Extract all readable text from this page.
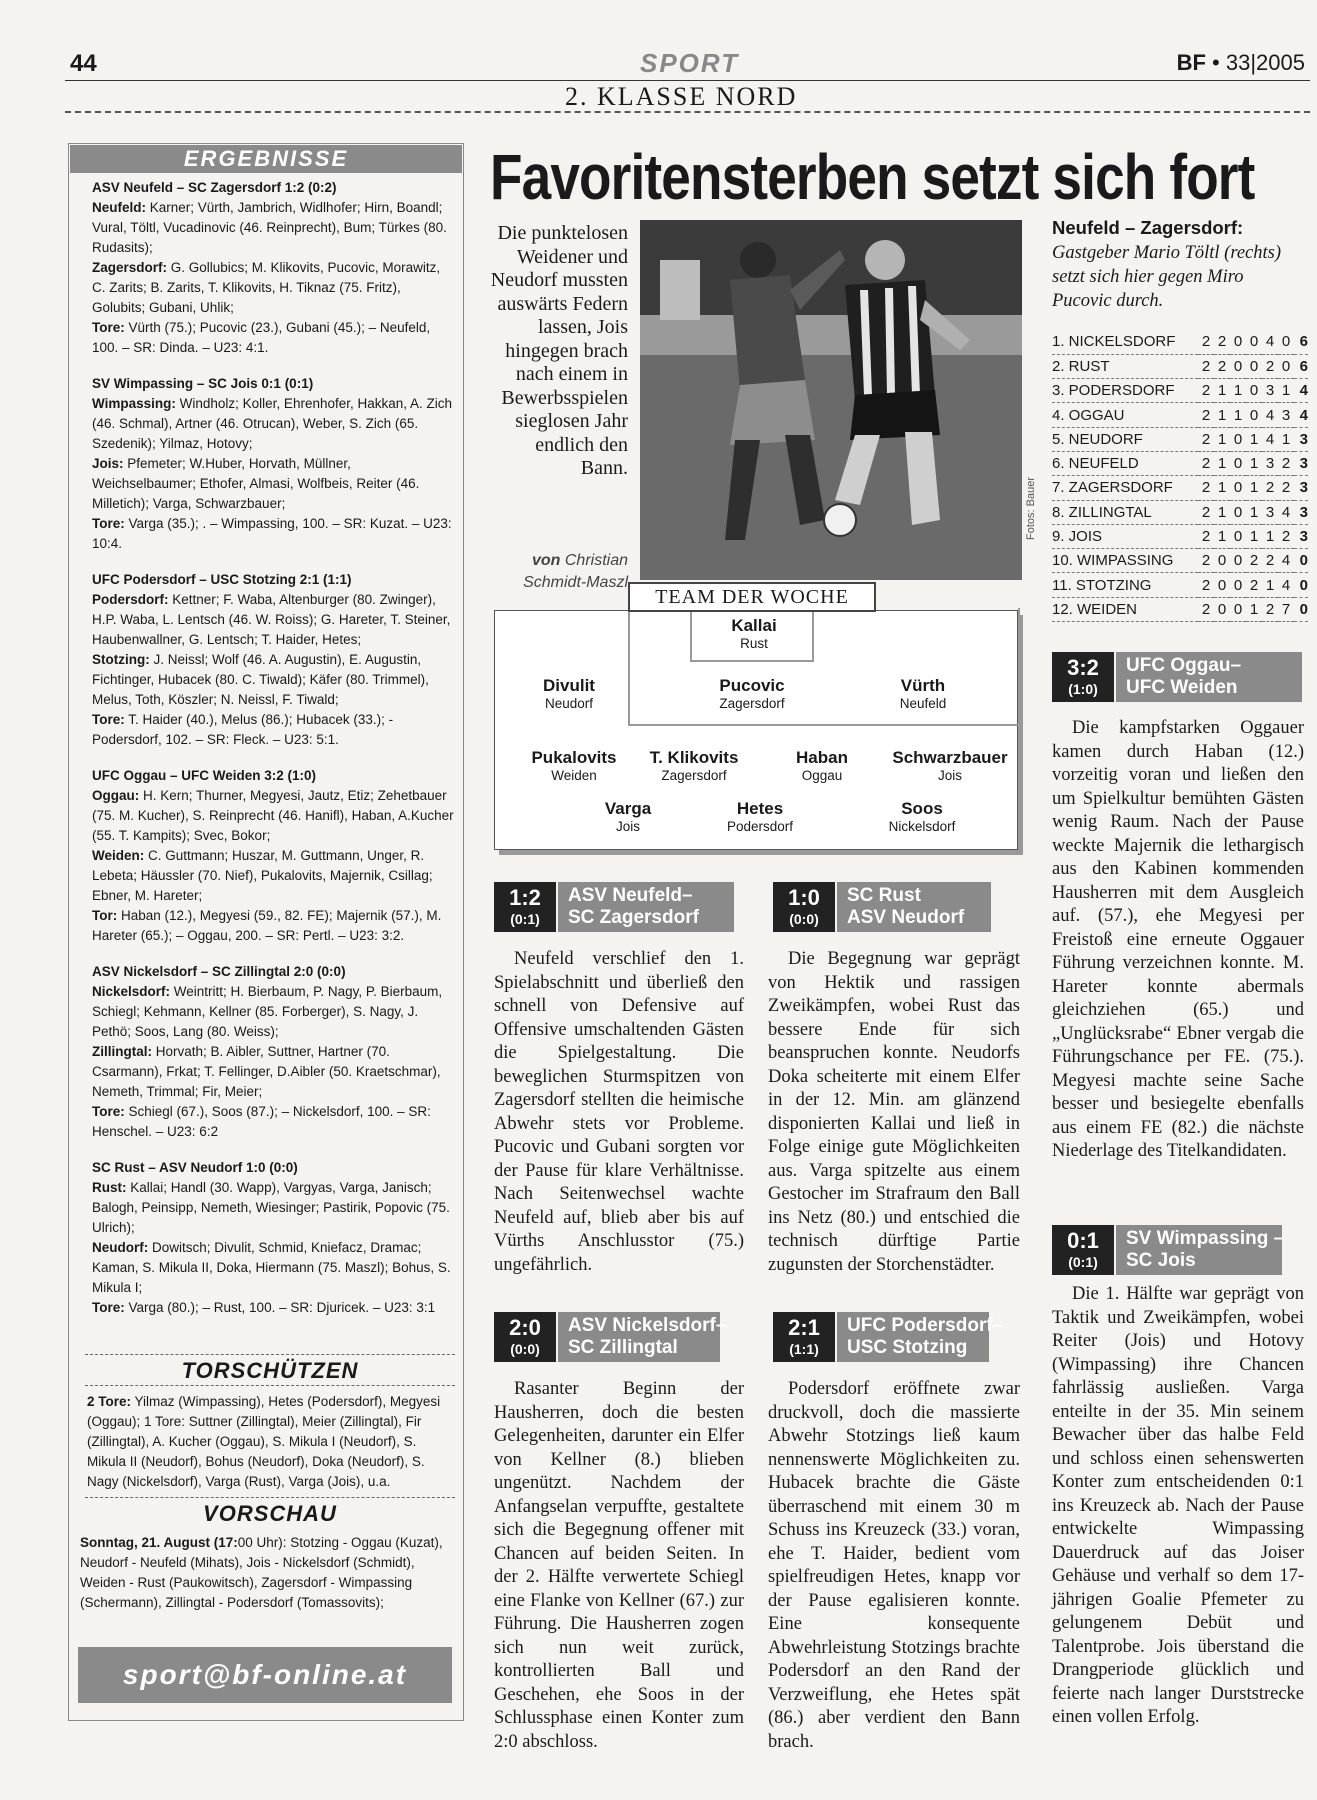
44	SPORT	BF • 33|2005
2. KLASSE NORD
ERGEBNISSE
ASV Neufeld – SC Zagersdorf 1:2 (0:2)

Neufeld: Karner; Vürth, Jambrich, Widlhofer; Hirn, Boandl; Vural, Töltl, Vucadinovic (46. Reinprecht), Bum; Türkes (80. Rudasits);

Zagersdorf: G. Gollubics; M. Klikovits, Pucovic, Morawitz, C. Zarits; B. Zarits, T. Klikovits, H. Tiknaz (75. Fritz), Golubits; Gubani, Uhlik;

Tore: Vürth (75.); Pucovic (23.), Gubani (45.); – Neufeld, 100. – SR: Dinda. – U23: 4:1.

SV Wimpassing – SC Jois 0:1 (0:1)

Wimpassing: Windholz; Koller, Ehrenhofer, Hakkan, A. Zich (46. Schmal), Artner (46. Otrucan), Weber, S. Zich (65. Szedenik); Yilmaz, Hotovy;

Jois: Pfemeter; W.Huber, Horvath, Müllner, Weichselbaumer; Ethofer, Almasi, Wolfbeis, Reiter (46. Milletich); Varga, Schwarzbauer;

Tore: Varga (35.); . – Wimpassing, 100. – SR: Kuzat. – U23: 10:4.

UFC Podersdorf – USC Stotzing 2:1 (1:1)

Podersdorf: Kettner; F. Waba, Altenburger (80. Zwinger), H.P. Waba, L. Lentsch (46. W. Roiss); G. Hareter, T. Steiner, Haubenwallner, G. Lentsch; T. Haider, Hetes;

Stotzing: J. Neissl; Wolf (46. A. Augustin), E. Augustin, Fichtinger, Hubacek (80. C. Tiwald); Käfer (80. Trimmel), Melus, Toth, Köszler; N. Neissl, F. Tiwald;

Tore: T. Haider (40.), Melus (86.); Hubacek (33.); - Podersdorf, 102. – SR: Fleck. – U23: 5:1.

UFC Oggau – UFC Weiden 3:2 (1:0)

Oggau: H. Kern; Thurner, Megyesi, Jautz, Etiz; Zehetbauer (75. M. Kucher), S. Reinprecht (46. Hanifl), Haban, A.Kucher (55. T. Kampits); Svec, Bokor;

Weiden: C. Guttmann; Huszar, M. Guttmann, Unger, R. Lebeta; Häussler (70. Nief), Pukalovits, Majernik, Csillag; Ebner, M. Hareter;

Tor: Haban (12.), Megyesi (59., 82. FE); Majernik (57.), M. Hareter (65.); – Oggau, 200. – SR: Pertl. – U23: 3:2.

ASV Nickelsdorf – SC Zillingtal 2:0 (0:0)

Nickelsdorf: Weintritt; H. Bierbaum, P. Nagy, P. Bierbaum, Schiegl; Kehmann, Kellner (85. Forberger), S. Nagy, J. Pethö; Soos, Lang (80. Weiss);

Zillingtal: Horvath; B. Aibler, Suttner, Hartner (70. Csarmann), Frkat; T. Fellinger, D.Aibler (50. Kraetschmar), Nemeth, Trimmal; Fir, Meier;

Tore: Schiegl (67.), Soos (87.); – Nickelsdorf, 100. – SR: Henschel. – U23: 6:2

SC Rust – ASV Neudorf 1:0 (0:0)

Rust: Kallai; Handl (30. Wapp), Vargyas, Varga, Janisch; Balogh, Peinsipp, Nemeth, Wiesinger; Pastirik, Popovic (75. Ulrich);

Neudorf: Dowitsch; Divulit, Schmid, Kniefacz, Dramac; Kaman, S. Mikula II, Doka, Hiermann (75. Maszl); Bohus, S. Mikula I;

Tore: Varga (80.); – Rust, 100. – SR: Djuricek. – U23: 3:1

TORSCHÜTZEN
2 Tore: Yilmaz (Wimpassing), Hetes (Podersdorf), Megyesi (Oggau); 1 Tore: Suttner (Zillingtal), Meier (Zillingtal), Fir (Zillingtal), A. Kucher (Oggau), S. Mikula I (Neudorf), S. Mikula II (Neudorf), Bohus (Neudorf), Doka (Neudorf), S. Nagy (Nickelsdorf), Varga (Rust), Varga (Jois), u.a.
VORSCHAU
Sonntag, 21. August (17:00 Uhr): Stotzing - Oggau (Kuzat), Neudorf - Neufeld (Mihats), Jois - Nickelsdorf (Schmidt), Weiden - Rust (Paukowitsch), Zagersdorf - Wimpassing (Schermann), Zillingtal - Podersdorf (Tomassovits);
sport@bf-online.at
Favoritensterben setzt sich fort
Die punktelosen Weidener und Neudorf mussten auswärts Federn lassen, Jois hingegen brach nach einem in Bewerbsspielen sieglosen Jahr endlich den Bann.
von Christian Schmidt-Maszl
Fotos: Bauer
Neufeld – Zagersdorf: Gastgeber Mario Töltl (rechts) setzt sich hier gegen Miro Pucovic durch.
1. NICKELSDORF	2	2	0	0	4	0	6
2. RUST	2	2	0	0	2	0	6
3. PODERSDORF	2	1	1	0	3	1	4
4. OGGAU	2	1	1	0	4	3	4
5. NEUDORF	2	1	0	1	4	1	3
6. NEUFELD	2	1	0	1	3	2	3
7. ZAGERSDORF	2	1	0	1	2	2	3
8. ZILLINGTAL	2	1	0	1	3	4	3
9. JOIS	2	1	0	1	1	2	3
10. WIMPASSING	2	0	0	2	2	4	0
11. STOTZING	2	0	0	2	1	4	0
12. WEIDEN	2	0	0	1	2	7	0
TEAM DER WOCHE
Kallai
Rust
Divulit
Neudorf
Pucovic
Zagersdorf
Vürth
Neufeld
Pukalovits
Weiden
T. Klikovits
Zagersdorf
Haban
Oggau
Schwarzbauer
Jois
Varga
Jois
Hetes
Podersdorf
Soos
Nickelsdorf
1:2
(0:1)
ASV Neufeld–
SC Zagersdorf

Neufeld verschlief den 1. Spielabschnitt und überließ den schnell von Defensive auf Offensive umschaltenden Gästen die Spielgestaltung. Die beweglichen Sturmspitzen von Zagersdorf stellten die heimische Abwehr stets vor Probleme. Pucovic und Gubani sorgten vor der Pause für klare Verhältnisse. Nach Seitenwechsel wachte Neufeld auf, blieb aber bis auf Vürths Anschlusstor (75.) ungefährlich.

1:0
(0:0)
SC Rust
ASV Neudorf

Die Begegnung war geprägt von Hektik und rassigen Zweikämpfen, wobei Rust das bessere Ende für sich beanspruchen konnte. Neudorfs Doka scheiterte mit einem Elfer in der 12. Min. am glänzend disponierten Kallai und ließ in Folge einige gute Möglichkeiten aus. Varga spitzelte aus einem Gestocher im Strafraum den Ball ins Netz (80.) und entschied die technisch dürftige Partie zugunsten der Storchenstädter.

2:0
(0:0)
ASV Nickelsdorf–
SC Zillingtal

Rasanter Beginn der Hausherren, doch die besten Gelegenheiten, darunter ein Elfer von Kellner (8.) blieben ungenützt. Nachdem der Anfangselan verpuffte, gestaltete sich die Begegnung offener mit Chancen auf beiden Seiten. In der 2. Hälfte verwertete Schiegl eine Flanke von Kellner (67.) zur Führung. Die Hausherren zogen sich nun weit zurück, kontrollierten Ball und Geschehen, ehe Soos in der Schlussphase einen Konter zum 2:0 abschloss.

2:1
(1:1)
UFC Podersdorf–
USC Stotzing

Podersdorf eröffnete zwar druckvoll, doch die massierte Abwehr Stotzings ließ kaum nennenswerte Möglichkeiten zu. Hubacek brachte die Gäste überraschend mit einem 30 m Schuss ins Kreuzeck (33.) voran, ehe T. Haider, bedient vom spielfreudigen Hetes, knapp vor der Pause egalisieren konnte. Eine konsequente Abwehrleistung Stotzings brachte Podersdorf an den Rand der Verzweiflung, ehe Hetes spät (86.) aber verdient den Bann brach.

3:2
(1:0)
UFC Oggau–
UFC Weiden

Die kampfstarken Oggauer kamen durch Haban (12.) vorzeitig voran und ließen den um Spielkultur bemühten Gästen wenig Raum. Nach der Pause weckte Majernik die lethargisch aus den Kabinen kommenden Hausherren mit dem Ausgleich auf. (57.), ehe Megyesi per Freistoß eine erneute Oggauer Führung verzeichnen konnte. M. Hareter konnte abermals gleichziehen (65.) und „Unglücksrabe“ Ebner vergab die Führungschance per FE. (75.). Megyesi machte seine Sache besser und besiegelte ebenfalls aus einem FE (82.) die nächste Niederlage des Titelkandidaten.

0:1
(0:1)
SV Wimpassing –
SC Jois

Die 1. Hälfte war geprägt von Taktik und Zweikämpfen, wobei Reiter (Jois) und Hotovy (Wimpassing) ihre Chancen fahrlässig ausließen. Varga enteilte in der 35. Min seinem Bewacher über das halbe Feld und schloss einen sehenswerten Konter zum entscheidenden 0:1 ins Kreuzeck ab. Nach der Pause entwickelte Wimpassing Dauerdruck auf das Joiser Gehäuse und verhalf so dem 17-jährigen Goalie Pfemeter zu gelungenem Debüt und Talentprobe. Jois überstand die Drangperiode glücklich und feierte nach langer Durststrecke einen vollen Erfolg.
